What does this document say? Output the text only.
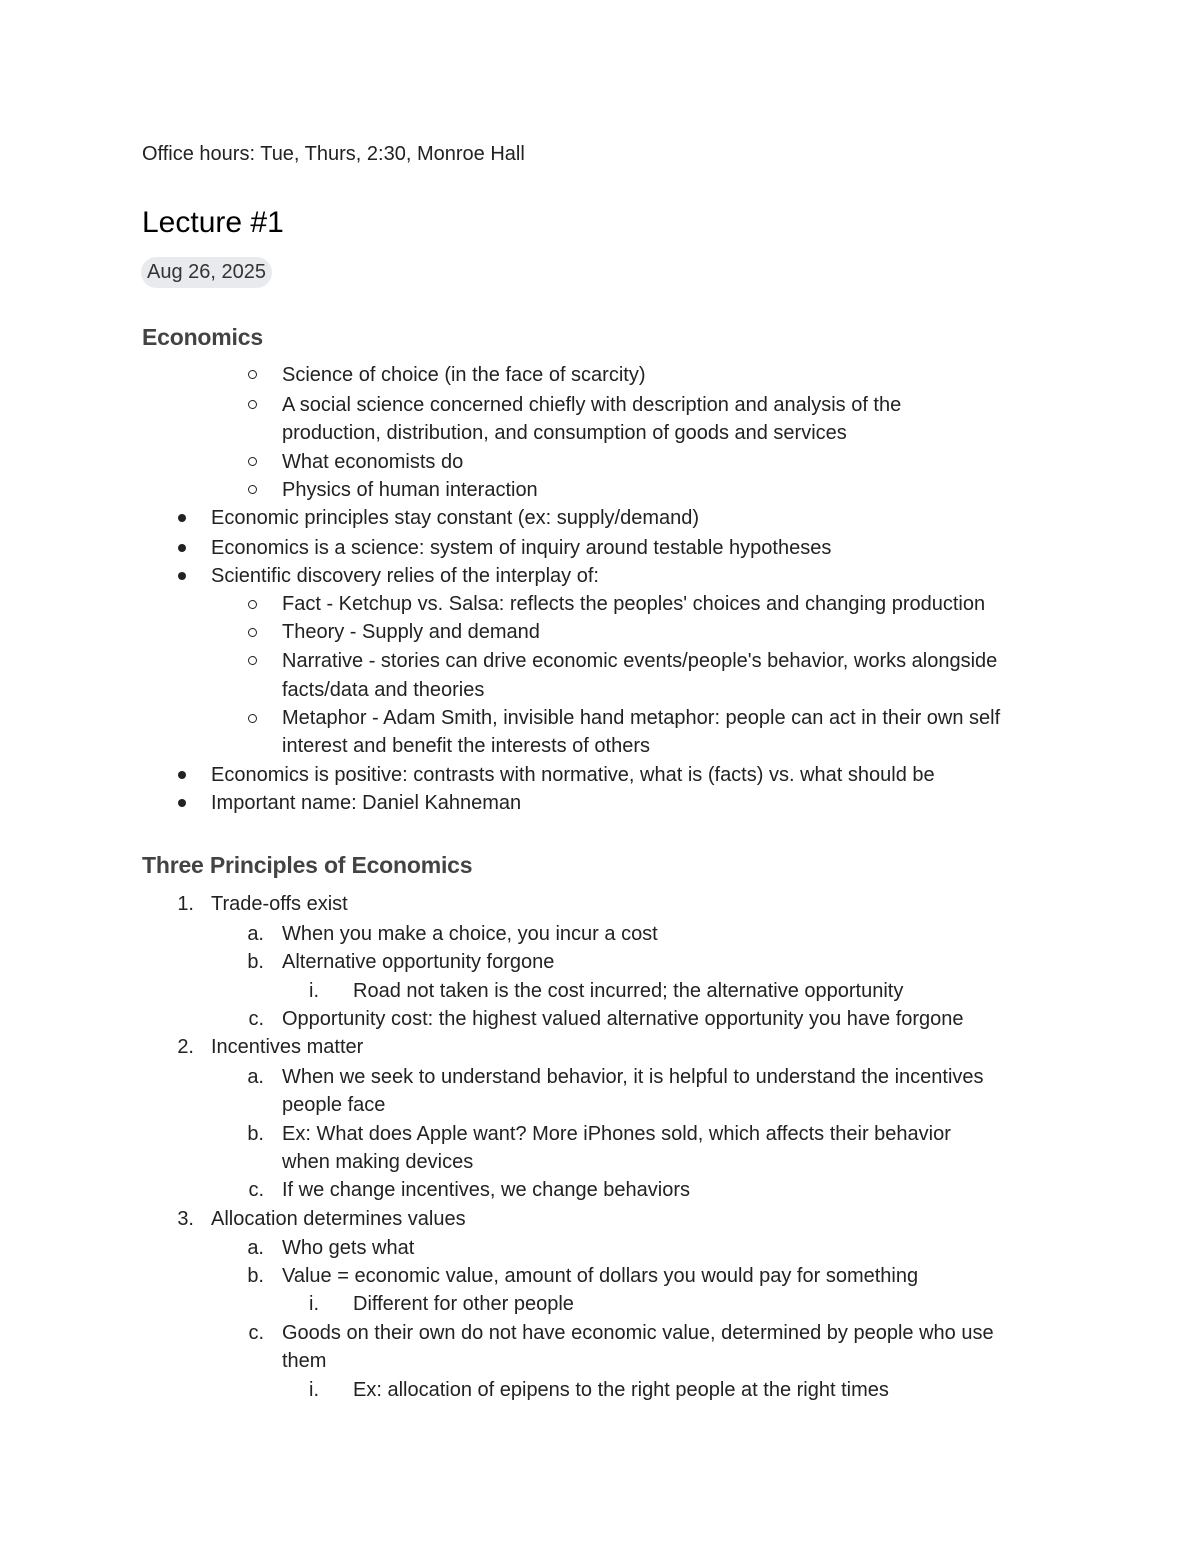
Office hours: Tue, Thurs, 2:30, Monroe Hall
Lecture #1
Aug 26, 2025
Economics
Science of choice (in the face of scarcity)
A social science concerned chiefly with description and analysis of the
production, distribution, and consumption of goods and services
What economists do
Physics of human interaction
Economic principles stay constant (ex: supply/demand)
Economics is a science: system of inquiry around testable hypotheses
Scientific discovery relies of the interplay of:
Fact - Ketchup vs. Salsa: reflects the peoples' choices and changing production
Theory - Supply and demand
Narrative - stories can drive economic events/people's behavior, works alongside
facts/data and theories
Metaphor - Adam Smith, invisible hand metaphor: people can act in their own self
interest and benefit the interests of others
Economics is positive: contrasts with normative, what is (facts) vs. what should be
Important name: Daniel Kahneman
Three Principles of Economics
1. Trade-offs exist
a. When you make a choice, you incur a cost
b. Alternative opportunity forgone
i. Road not taken is the cost incurred; the alternative opportunity
c. Opportunity cost: the highest valued alternative opportunity you have forgone
2. Incentives matter
a. When we seek to understand behavior, it is helpful to understand the incentives
people face
b. Ex: What does Apple want? More iPhones sold, which affects their behavior
when making devices
c. If we change incentives, we change behaviors
3. Allocation determines values
a. Who gets what
b. Value = economic value, amount of dollars you would pay for something
i. Different for other people
c. Goods on their own do not have economic value, determined by people who use
them
i. Ex: allocation of epipens to the right people at the right times
